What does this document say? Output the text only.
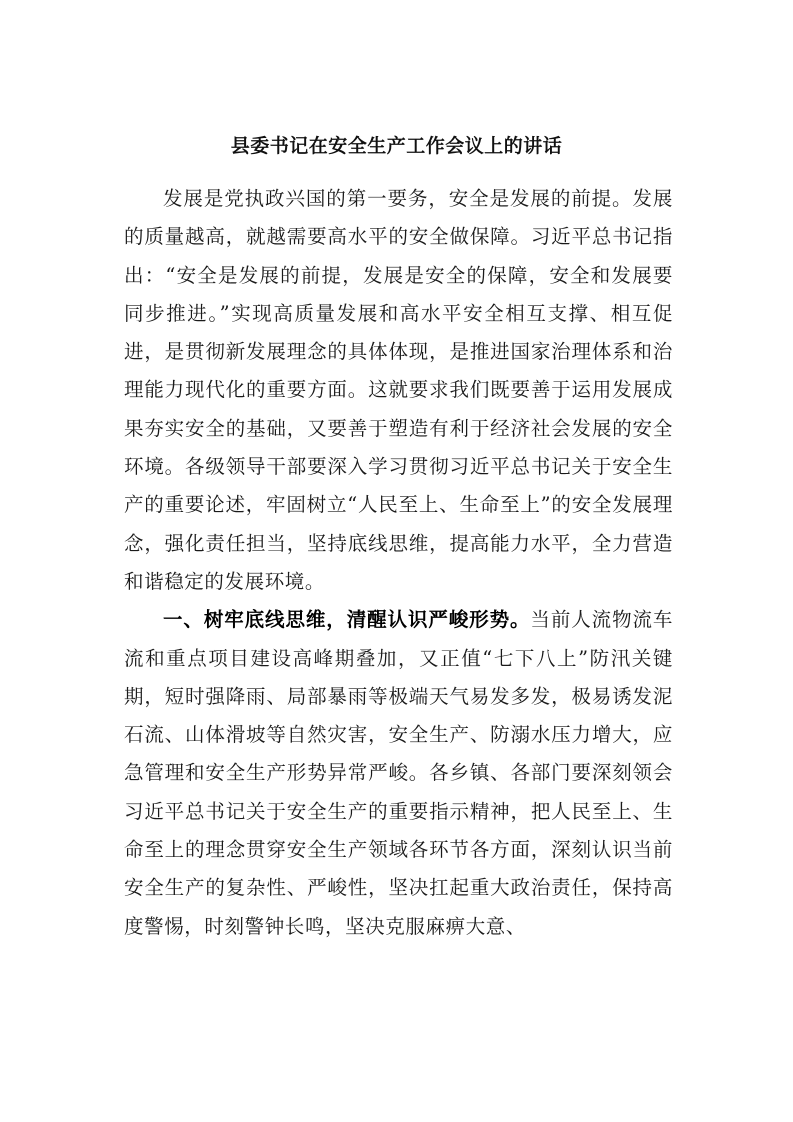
县委书记在安全生产工作会议上的讲话

发展是党执政兴国的第一要务，安全是发展的前提。发展的质量越高，就越需要高水平的安全做保障。习近平总书记指出：“安全是发展的前提，发展是安全的保障，安全和发展要同步推进。”实现高质量发展和高水平安全相互支撑、相互促进，是贯彻新发展理念的具体体现，是推进国家治理体系和治理能力现代化的重要方面。这就要求我们既要善于运用发展成果夯实安全的基础，又要善于塑造有利于经济社会发展的安全环境。各级领导干部要深入学习贯彻习近平总书记关于安全生产的重要论述，牢固树立“人民至上、生命至上”的安全发展理念，强化责任担当，坚持底线思维，提高能力水平，全力营造和谐稳定的发展环境。

一、树牢底线思维，清醒认识严峻形势。当前人流物流车流和重点项目建设高峰期叠加，又正值“七下八上”防汛关键期，短时强降雨、局部暴雨等极端天气易发多发，极易诱发泥石流、山体滑坡等自然灾害，安全生产、防溺水压力增大，应急管理和安全生产形势异常严峻。各乡镇、各部门要深刻领会习近平总书记关于安全生产的重要指示精神，把人民至上、生命至上的理念贯穿安全生产领域各环节各方面，深刻认识当前安全生产的复杂性、严峻性，坚决扛起重大政治责任，保持高度警惕，时刻警钟长鸣，坚决克服麻痹大意、
